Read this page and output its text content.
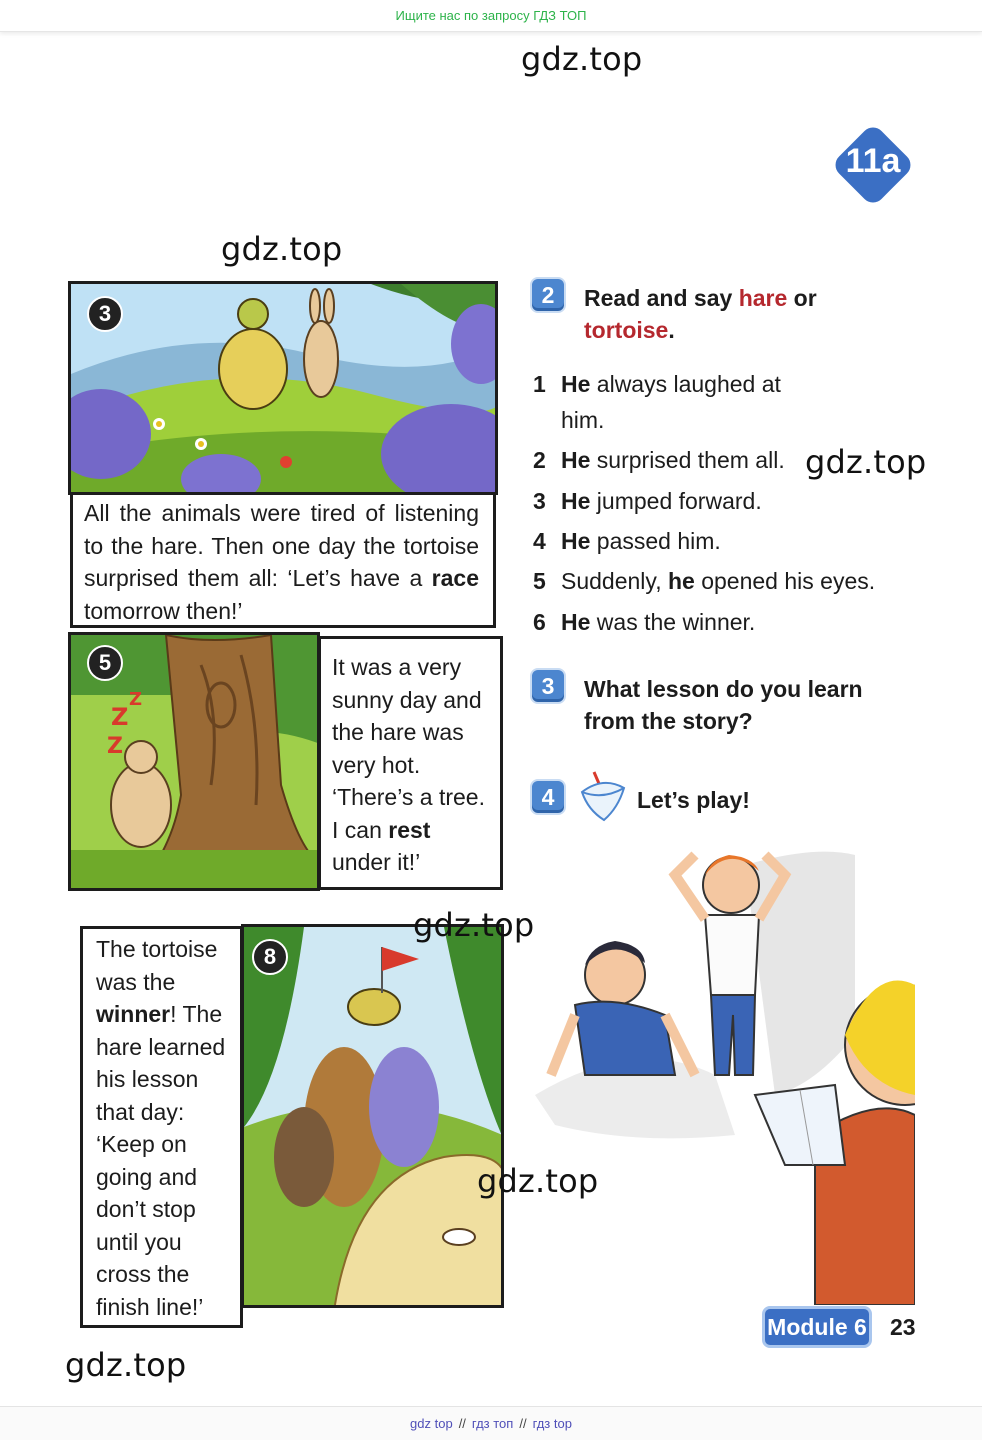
Ищите нас по запросу ГДЗ ТОП
gdz.top
gdz.top
gdz.top
gdz.top
gdz.top
gdz.top
11a
3
All the animals were tired of listening to the hare. Then one day the tortoise surprised them all: ‘Let’s have a race tomorrow then!’
Z
Z
Z
5	It was a very
sunny day and
the hare was
very hot.
‘There’s a tree.
I can rest
under it!’
The tortoise
was the
winner! The
hare learned
his lesson
that day:
‘Keep on
going and
don’t stop
until you
cross the
finish line!’
8
2	Read and say hare or
tortoise.
1 He always laughed at
him.
2 He surprised them all.
3 He jumped forward.
4 He passed him.
5 Suddenly, he opened his eyes.
6 He was the winner.
3	What lesson do you learn
from the story?
4	Let’s play!
Module 6 23
gdz top // гдз топ // гдз top
